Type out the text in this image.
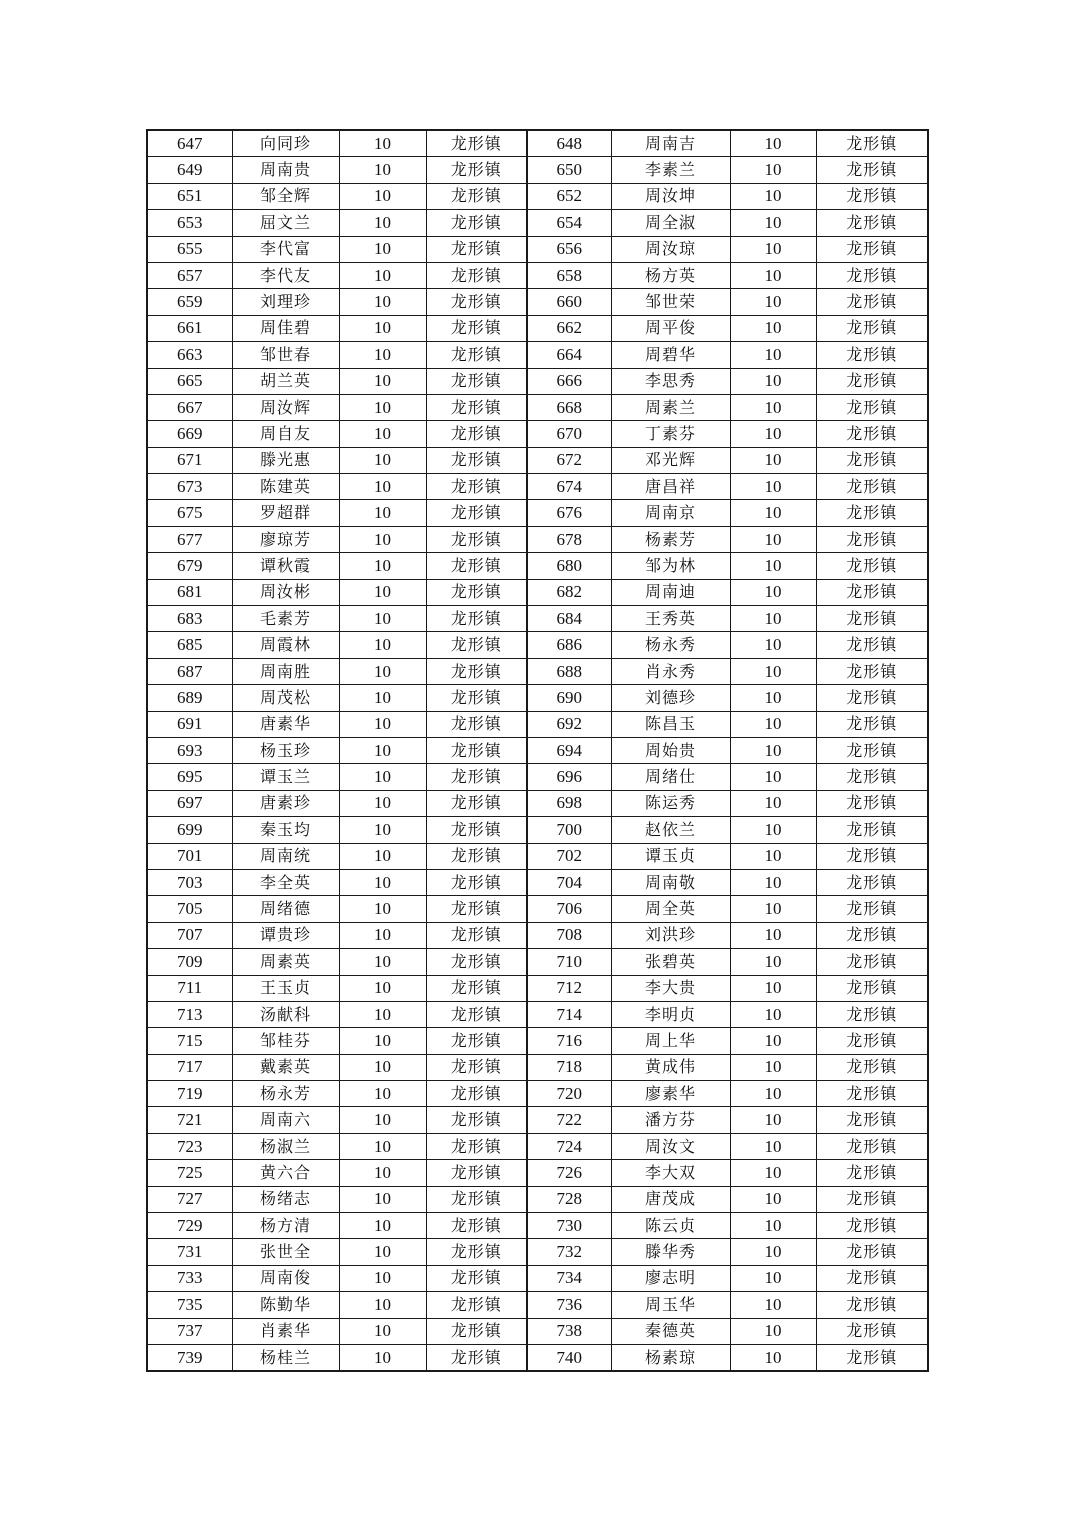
647	向同珍	10	龙形镇	648	周南吉	10	龙形镇
649	周南贵	10	龙形镇	650	李素兰	10	龙形镇
651	邹全辉	10	龙形镇	652	周汝坤	10	龙形镇
653	屈文兰	10	龙形镇	654	周全淑	10	龙形镇
655	李代富	10	龙形镇	656	周汝琼	10	龙形镇
657	李代友	10	龙形镇	658	杨方英	10	龙形镇
659	刘理珍	10	龙形镇	660	邹世荣	10	龙形镇
661	周佳碧	10	龙形镇	662	周平俊	10	龙形镇
663	邹世春	10	龙形镇	664	周碧华	10	龙形镇
665	胡兰英	10	龙形镇	666	李思秀	10	龙形镇
667	周汝辉	10	龙形镇	668	周素兰	10	龙形镇
669	周自友	10	龙形镇	670	丁素芬	10	龙形镇
671	滕光惠	10	龙形镇	672	邓光辉	10	龙形镇
673	陈建英	10	龙形镇	674	唐昌祥	10	龙形镇
675	罗超群	10	龙形镇	676	周南京	10	龙形镇
677	廖琼芳	10	龙形镇	678	杨素芳	10	龙形镇
679	谭秋霞	10	龙形镇	680	邹为林	10	龙形镇
681	周汝彬	10	龙形镇	682	周南迪	10	龙形镇
683	毛素芳	10	龙形镇	684	王秀英	10	龙形镇
685	周霞林	10	龙形镇	686	杨永秀	10	龙形镇
687	周南胜	10	龙形镇	688	肖永秀	10	龙形镇
689	周茂松	10	龙形镇	690	刘德珍	10	龙形镇
691	唐素华	10	龙形镇	692	陈昌玉	10	龙形镇
693	杨玉珍	10	龙形镇	694	周始贵	10	龙形镇
695	谭玉兰	10	龙形镇	696	周绪仕	10	龙形镇
697	唐素珍	10	龙形镇	698	陈运秀	10	龙形镇
699	秦玉均	10	龙形镇	700	赵依兰	10	龙形镇
701	周南统	10	龙形镇	702	谭玉贞	10	龙形镇
703	李全英	10	龙形镇	704	周南敬	10	龙形镇
705	周绪德	10	龙形镇	706	周全英	10	龙形镇
707	谭贵珍	10	龙形镇	708	刘洪珍	10	龙形镇
709	周素英	10	龙形镇	710	张碧英	10	龙形镇
711	王玉贞	10	龙形镇	712	李大贵	10	龙形镇
713	汤献科	10	龙形镇	714	李明贞	10	龙形镇
715	邹桂芬	10	龙形镇	716	周上华	10	龙形镇
717	戴素英	10	龙形镇	718	黄成伟	10	龙形镇
719	杨永芳	10	龙形镇	720	廖素华	10	龙形镇
721	周南六	10	龙形镇	722	潘方芬	10	龙形镇
723	杨淑兰	10	龙形镇	724	周汝文	10	龙形镇
725	黄六合	10	龙形镇	726	李大双	10	龙形镇
727	杨绪志	10	龙形镇	728	唐茂成	10	龙形镇
729	杨方清	10	龙形镇	730	陈云贞	10	龙形镇
731	张世全	10	龙形镇	732	滕华秀	10	龙形镇
733	周南俊	10	龙形镇	734	廖志明	10	龙形镇
735	陈勤华	10	龙形镇	736	周玉华	10	龙形镇
737	肖素华	10	龙形镇	738	秦德英	10	龙形镇
739	杨桂兰	10	龙形镇	740	杨素琼	10	龙形镇
